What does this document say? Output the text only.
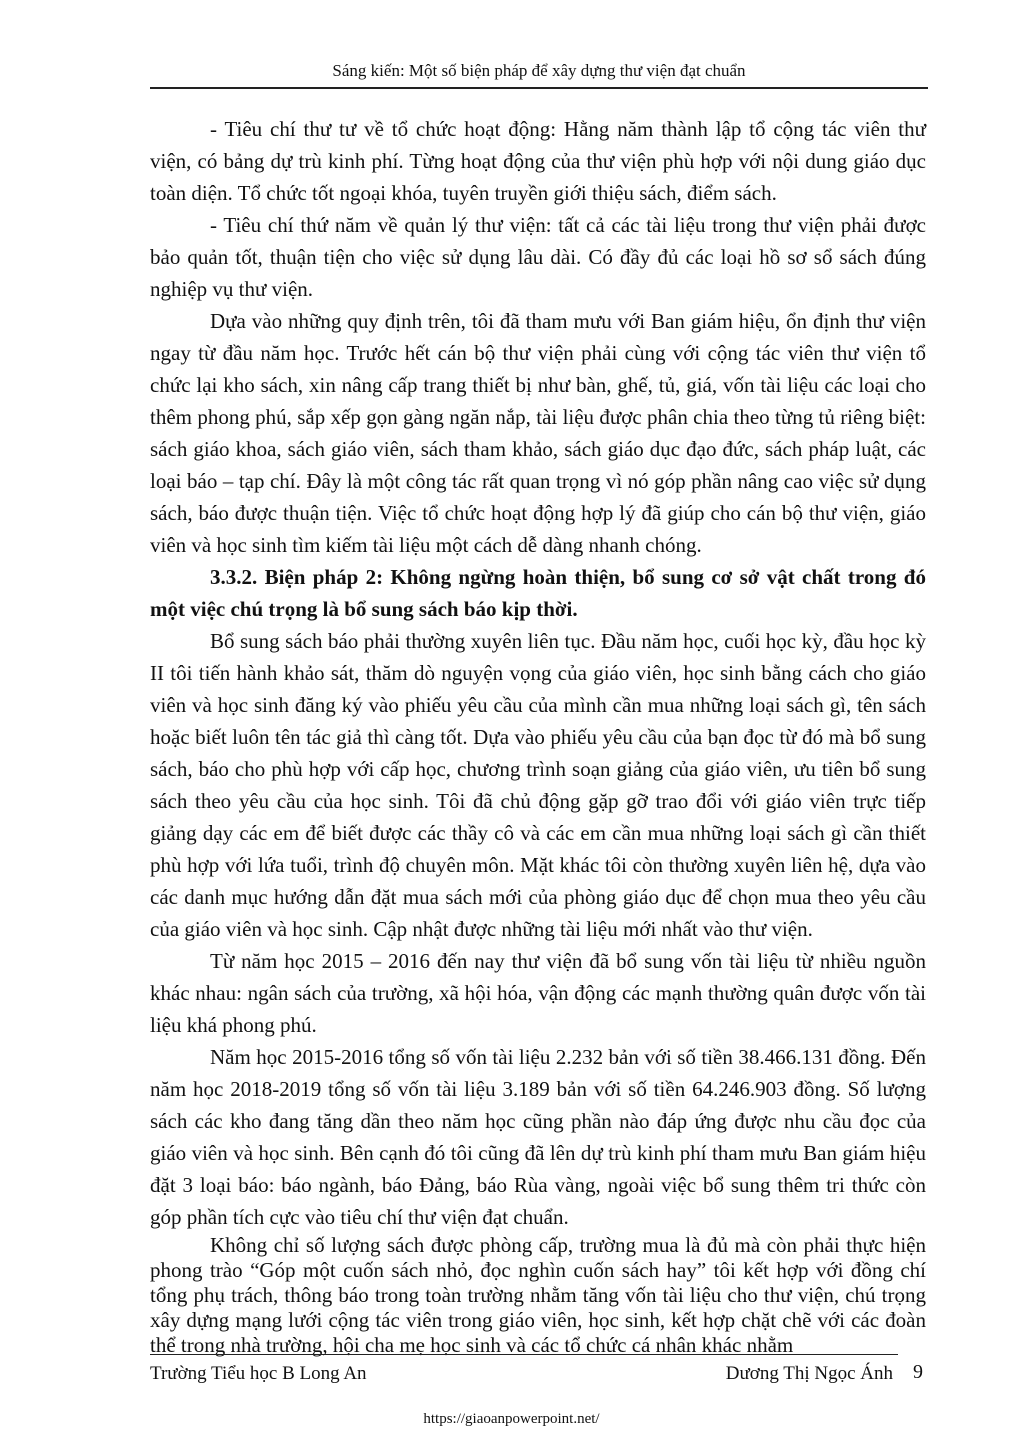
Sáng kiến: Một số biện pháp để xây dựng thư viện đạt chuẩn

- Tiêu chí thư tư về tổ chức hoạt động: Hằng năm thành lập tổ cộng tác viên thư viện, có bảng dự trù kinh phí. Từng hoạt động của thư viện phù hợp với nội dung giáo dục toàn diện. Tổ chức tốt ngoại khóa, tuyên truyền giới thiệu sách, điểm sách.

- Tiêu chí thứ năm về quản lý thư viện: tất cả các tài liệu trong thư viện phải được bảo quản tốt, thuận tiện cho việc sử dụng lâu dài. Có đầy đủ các loại hồ sơ sổ sách đúng nghiệp vụ thư viện.

Dựa vào những quy định trên, tôi đã tham mưu với Ban giám hiệu, ổn định thư viện ngay từ đầu năm học. Trước hết cán bộ thư viện phải cùng với cộng tác viên thư viện tổ chức lại kho sách, xin nâng cấp trang thiết bị như bàn, ghế, tủ, giá, vốn tài liệu các loại cho thêm phong phú, sắp xếp gọn gàng ngăn nắp, tài liệu được phân chia theo từng tủ riêng biệt: sách giáo khoa, sách giáo viên, sách tham khảo, sách giáo dục đạo đức, sách pháp luật, các loại báo – tạp chí. Đây là một công tác rất quan trọng vì nó góp phần nâng cao việc sử dụng sách, báo được thuận tiện. Việc tổ chức hoạt động hợp lý đã giúp cho cán bộ thư viện, giáo viên và học sinh tìm kiếm tài liệu một cách dễ dàng nhanh chóng.

3.3.2. Biện pháp 2: Không ngừng hoàn thiện, bổ sung cơ sở vật chất trong đó một việc chú trọng là bổ sung sách báo kịp thời.

Bổ sung sách báo phải thường xuyên liên tục. Đầu năm học, cuối học kỳ, đầu học kỳ II tôi tiến hành khảo sát, thăm dò nguyện vọng của giáo viên, học sinh bằng cách cho giáo viên và học sinh đăng ký vào phiếu yêu cầu của mình cần mua những loại sách gì, tên sách hoặc biết luôn tên tác giả thì càng tốt. Dựa vào phiếu yêu cầu của bạn đọc từ đó mà bổ sung sách, báo cho phù hợp với cấp học, chương trình soạn giảng của giáo viên, ưu tiên bổ sung sách theo yêu cầu của học sinh. Tôi đã chủ động gặp gỡ trao đổi với giáo viên trực tiếp giảng dạy các em để biết được các thầy cô và các em cần mua những loại sách gì cần thiết phù hợp với lứa tuổi, trình độ chuyên môn. Mặt khác tôi còn thường xuyên liên hệ, dựa vào các danh mục hướng dẫn đặt mua sách mới của phòng giáo dục để chọn mua theo yêu cầu của giáo viên và học sinh. Cập nhật được những tài liệu mới nhất vào thư viện.

Từ năm học 2015 – 2016 đến nay thư viện đã bổ sung vốn tài liệu từ nhiều nguồn khác nhau: ngân sách của trường, xã hội hóa, vận động các mạnh thường quân được vốn tài liệu khá phong phú.

Năm học 2015-2016 tổng số vốn tài liệu 2.232 bản với số tiền 38.466.131 đồng. Đến năm học 2018-2019 tổng số vốn tài liệu 3.189 bản với số tiền 64.246.903 đồng. Số lượng sách các kho đang tăng dần theo năm học cũng phần nào đáp ứng được nhu cầu đọc của giáo viên và học sinh. Bên cạnh đó tôi cũng đã lên dự trù kinh phí tham mưu Ban giám hiệu đặt 3 loại báo: báo ngành, báo Đảng, báo Rùa vàng, ngoài việc bổ sung thêm tri thức còn góp phần tích cực vào tiêu chí thư viện đạt chuẩn.

Không chỉ số lượng sách được phòng cấp, trường mua là đủ mà còn phải thực hiện phong trào “Góp một cuốn sách nhỏ, đọc nghìn cuốn sách hay” tôi kết hợp với đồng chí tổng phụ trách, thông báo trong toàn trường nhằm tăng vốn tài liệu cho thư viện, chú trọng xây dựng mạng lưới cộng tác viên trong giáo viên, học sinh, kết hợp chặt chẽ với các đoàn thể trong nhà trường, hội cha mẹ học sinh và các tổ chức cá nhân khác nhằm

Trường Tiểu học B Long An	Dương Thị Ngọc Ánh 9
https://giaoanpowerpoint.net/
